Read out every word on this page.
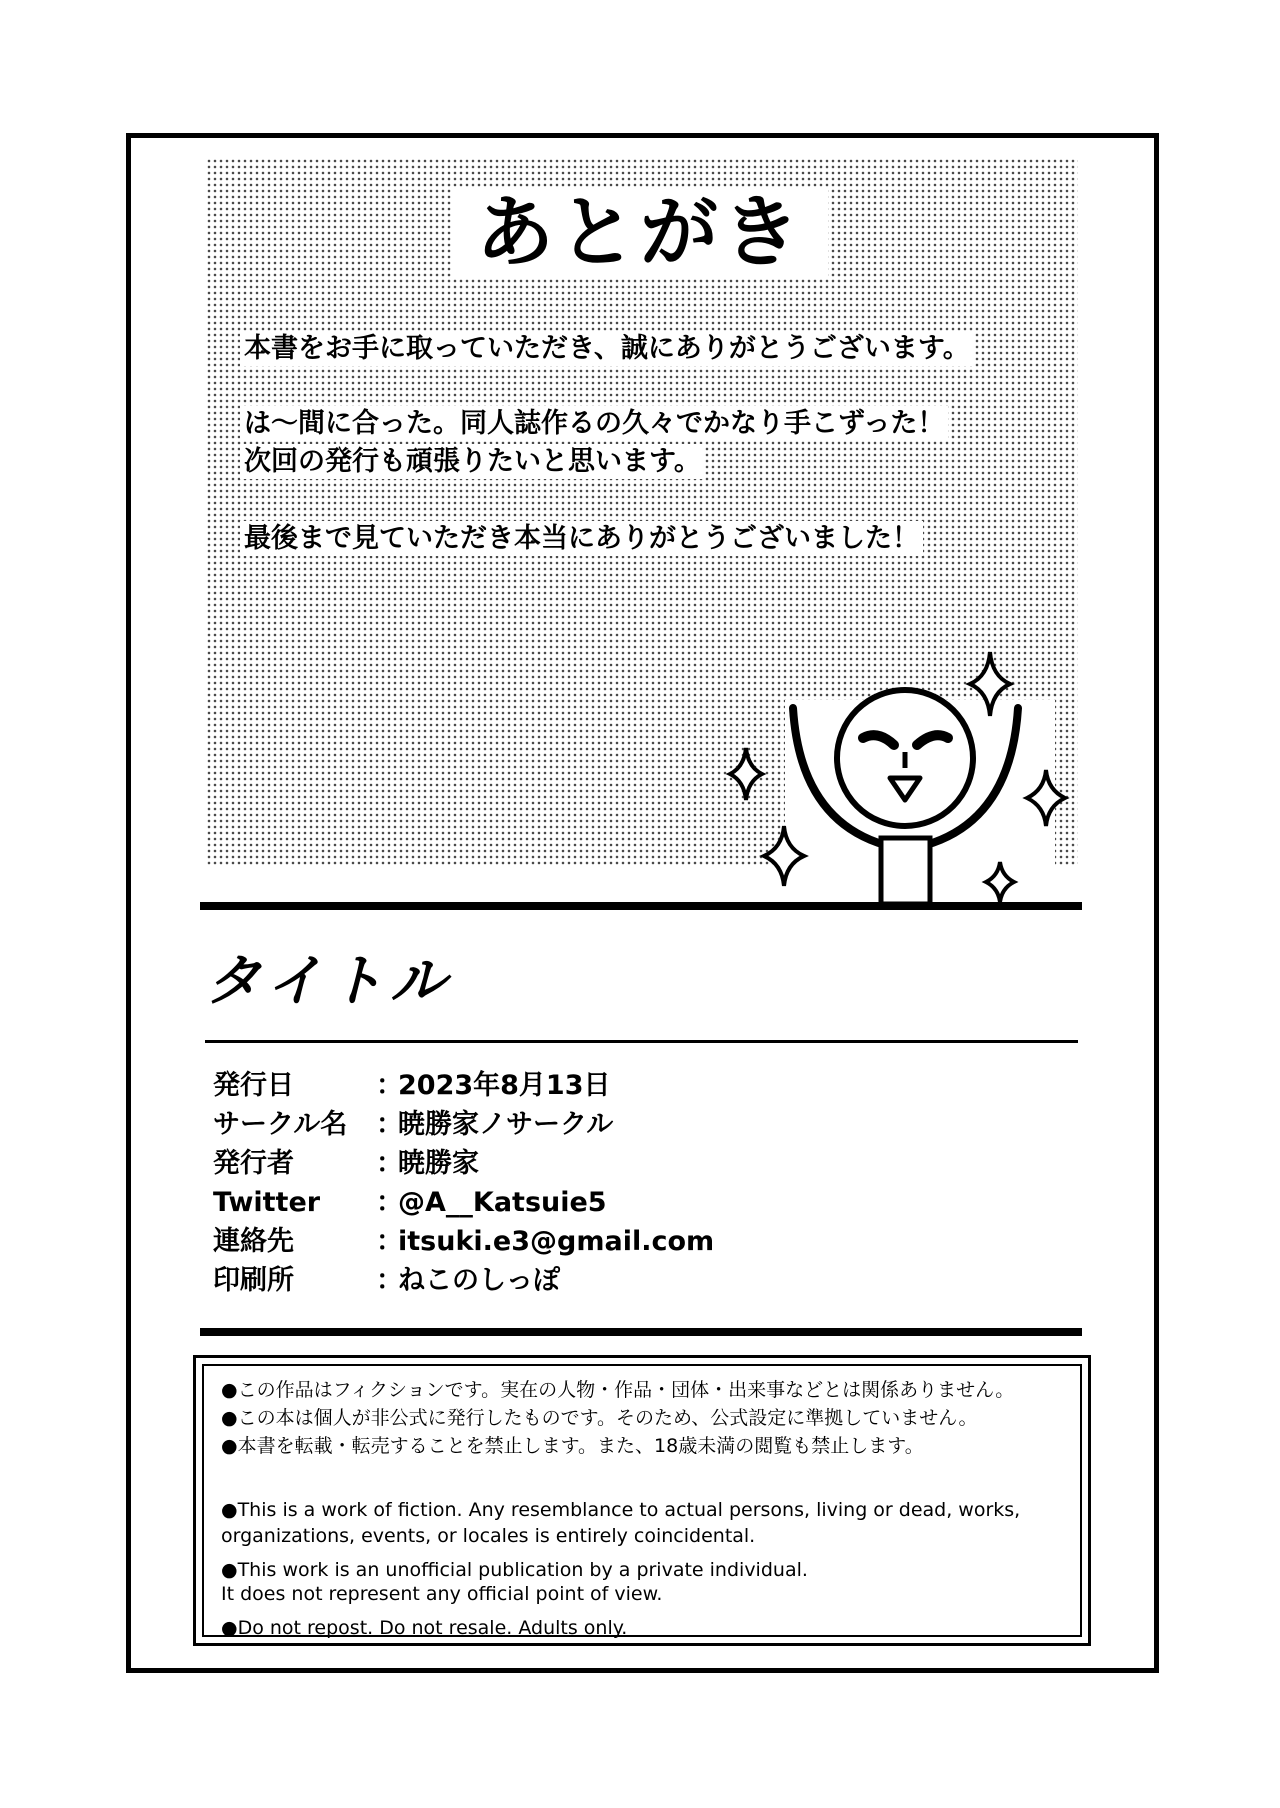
あとがき
本書をお手に取っていただき、誠にありがとうございます。
は～間に合った。同人誌作るの久々でかなり手こずった！
次回の発行も頑張りたいと思います。
最後まで見ていただき本当にありがとうございました！
タイトル
発行日	：
2023年8月13日
サークル名 ：
暁勝家ノサークル
発行者	：
暁勝家
Twitter ：
@A__Katsuie5
連絡先	：
itsuki.e3@gmail.com
印刷所	：
ねこのしっぽ
●この作品はフィクションです。実在の人物・作品・団体・出来事などとは関係ありません。
●この本は個人が非公式に発行したものです。そのため、公式設定に準拠していません。
●本書を転載・転売することを禁止します。また、18歳未満の閲覧も禁止します。
●This is a work of fiction. Any resemblance to actual persons, living or dead, works,
organizations, events, or locales is entirely coincidental.
●This work is an unofficial publication by a private individual.
It does not represent any official point of view.
●Do not repost. Do not resale. Adults only.
